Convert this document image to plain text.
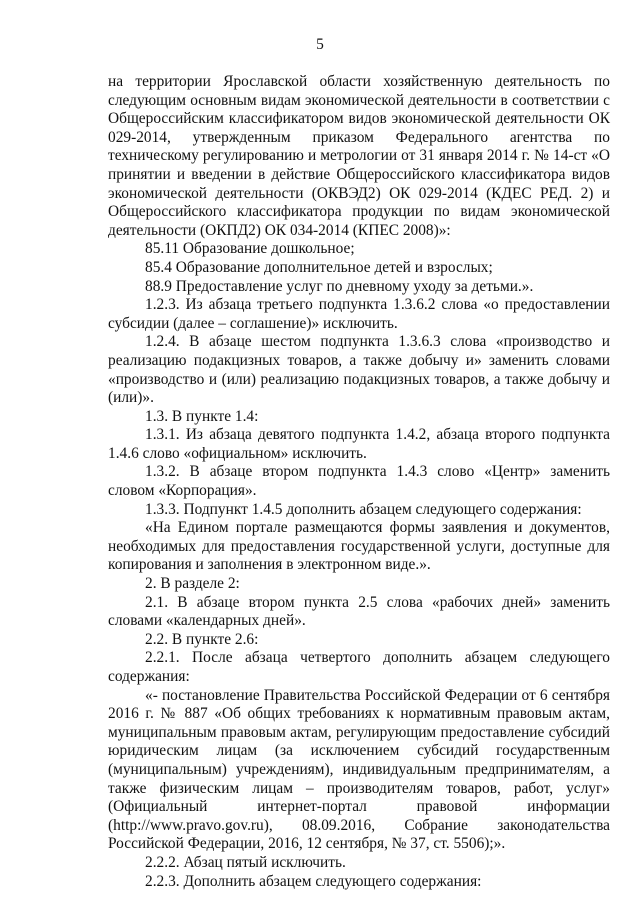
5

на территории Ярославской области хозяйственную деятельность по следующим основным видам экономической деятельности в соответствии с Общероссийским классификатором видов экономической деятельности ОК 029-2014, утвержденным приказом Федерального агентства по техническому регулированию и метрологии от 31 января 2014 г. № 14-ст «О принятии и введении в действие Общероссийского классификатора видов экономической деятельности (ОКВЭД2) ОК 029-2014 (КДЕС РЕД. 2) и Общероссийского классификатора продукции по видам экономической деятельности (ОКПД2) ОК 034-2014 (КПЕС 2008)»:

85.11 Образование дошкольное;

85.4 Образование дополнительное детей и взрослых;

88.9 Предоставление услуг по дневному уходу за детьми.».

1.2.3. Из абзаца третьего подпункта 1.3.6.2 слова «о предоставлении субсидии (далее – соглашение)» исключить.

1.2.4. В абзаце шестом подпункта 1.3.6.3 слова «производство и реализацию подакцизных товаров, а также добычу и» заменить словами «производство и (или) реализацию подакцизных товаров, а также добычу и (или)».

1.3. В пункте 1.4:

1.3.1. Из абзаца девятого подпункта 1.4.2, абзаца второго подпункта 1.4.6 слово «официальном» исключить.

1.3.2. В абзаце втором подпункта 1.4.3 слово «Центр» заменить словом «Корпорация».

1.3.3. Подпункт 1.4.5 дополнить абзацем следующего содержания:

«На Едином портале размещаются формы заявления и документов, необходимых для предоставления государственной услуги, доступные для копирования и заполнения в электронном виде.».

2. В разделе 2:

2.1. В абзаце втором пункта 2.5 слова «рабочих дней» заменить словами «календарных дней».

2.2. В пункте 2.6:

2.2.1. После абзаца четвертого дополнить абзацем следующего содержания:

«- постановление Правительства Российской Федерации от 6 сентября 2016 г. № 887 «Об общих требованиях к нормативным правовым актам, муниципальным правовым актам, регулирующим предоставление субсидий юридическим лицам (за исключением субсидий государственным (муниципальным) учреждениям), индивидуальным предпринимателям, а также физическим лицам – производителям товаров, работ, услуг» (Официальный интернет-портал правовой информации (http://www.pravo.gov.ru), 08.09.2016, Собрание законодательства Российской Федерации, 2016, 12 сентября, № 37, ст. 5506);».

2.2.2. Абзац пятый исключить.

2.2.3. Дополнить абзацем следующего содержания:
